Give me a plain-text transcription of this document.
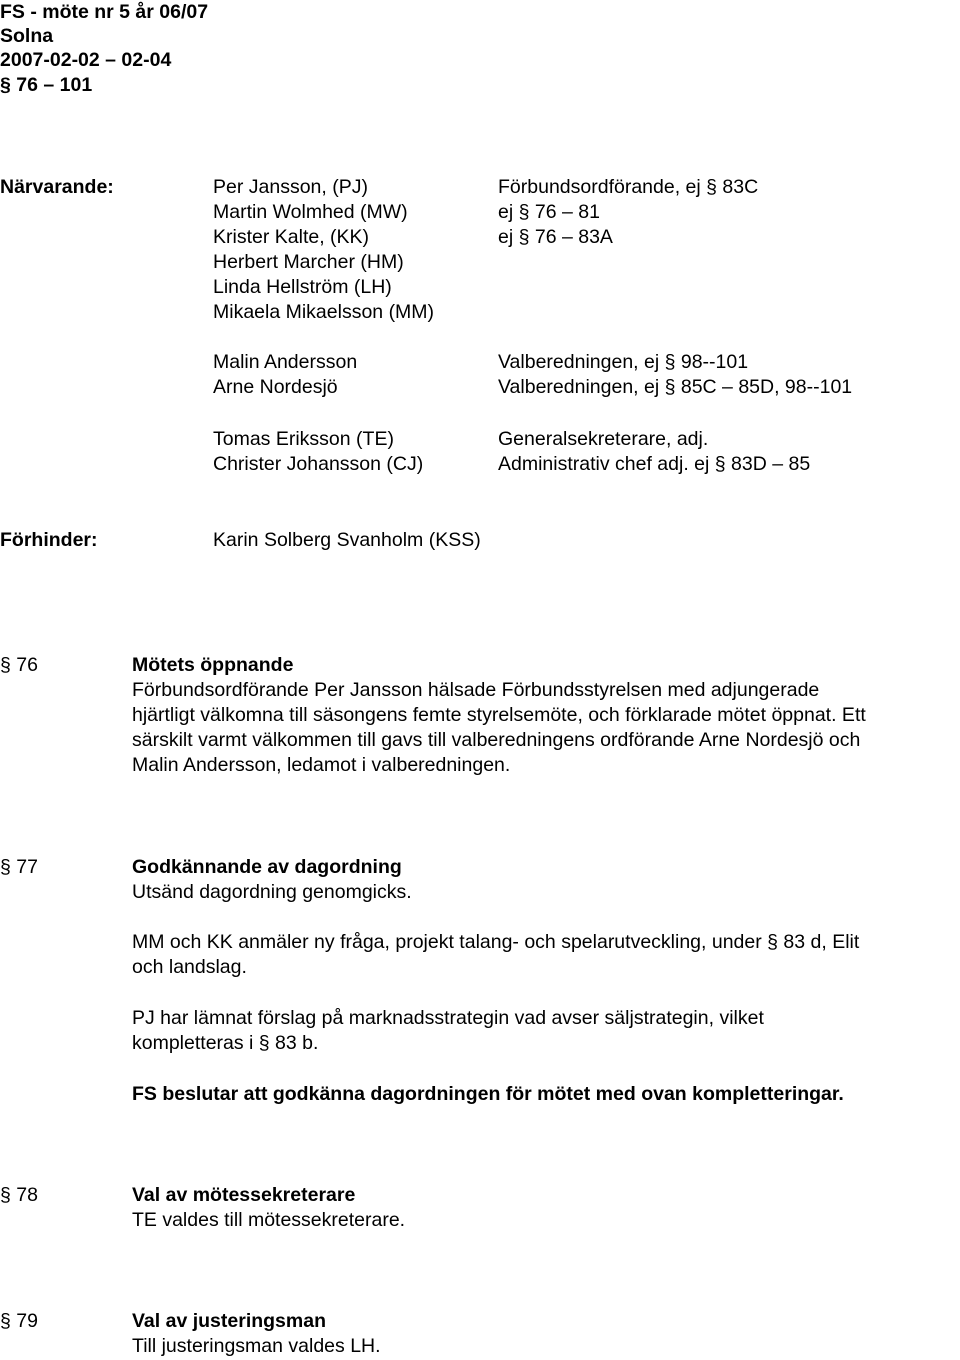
FS - möte nr 5 år 06/07
Solna
2007-02-02 – 02-04
§ 76 – 101
Närvarande:	Per Jansson, (PJ)	Förbundsordförande, ej § 83C
Martin Wolmhed (MW)	ej § 76 – 81
Krister Kalte, (KK)	ej § 76 – 83A
Herbert Marcher (HM)
Linda Hellström (LH)
Mikaela Mikaelsson (MM)
Malin Andersson	Valberedningen, ej § 98--101
Arne Nordesjö	Valberedningen, ej § 85C – 85D, 98--101
Tomas Eriksson (TE)	Generalsekreterare, adj.
Christer Johansson (CJ)	Administrativ chef adj. ej § 83D – 85
Förhinder:	Karin Solberg Svanholm (KSS)
§ 76	Mötets öppnande
Förbundsordförande Per Jansson hälsade Förbundsstyrelsen med adjungerade
hjärtligt välkomna till säsongens femte styrelsemöte, och förklarade mötet öppnat. Ett
särskilt varmt välkommen till gavs till valberedningens ordförande Arne Nordesjö och
Malin Andersson, ledamot i valberedningen.
§ 77	Godkännande av dagordning
Utsänd dagordning genomgicks.
MM och KK anmäler ny fråga, projekt talang- och spelarutveckling, under § 83 d, Elit
och landslag.
PJ har lämnat förslag på marknadsstrategin vad avser säljstrategin, vilket
kompletteras i § 83 b.
FS beslutar att godkänna dagordningen för mötet med ovan kompletteringar.
§ 78	Val av mötessekreterare
TE valdes till mötessekreterare.
§ 79	Val av justeringsman
Till justeringsman valdes LH.
